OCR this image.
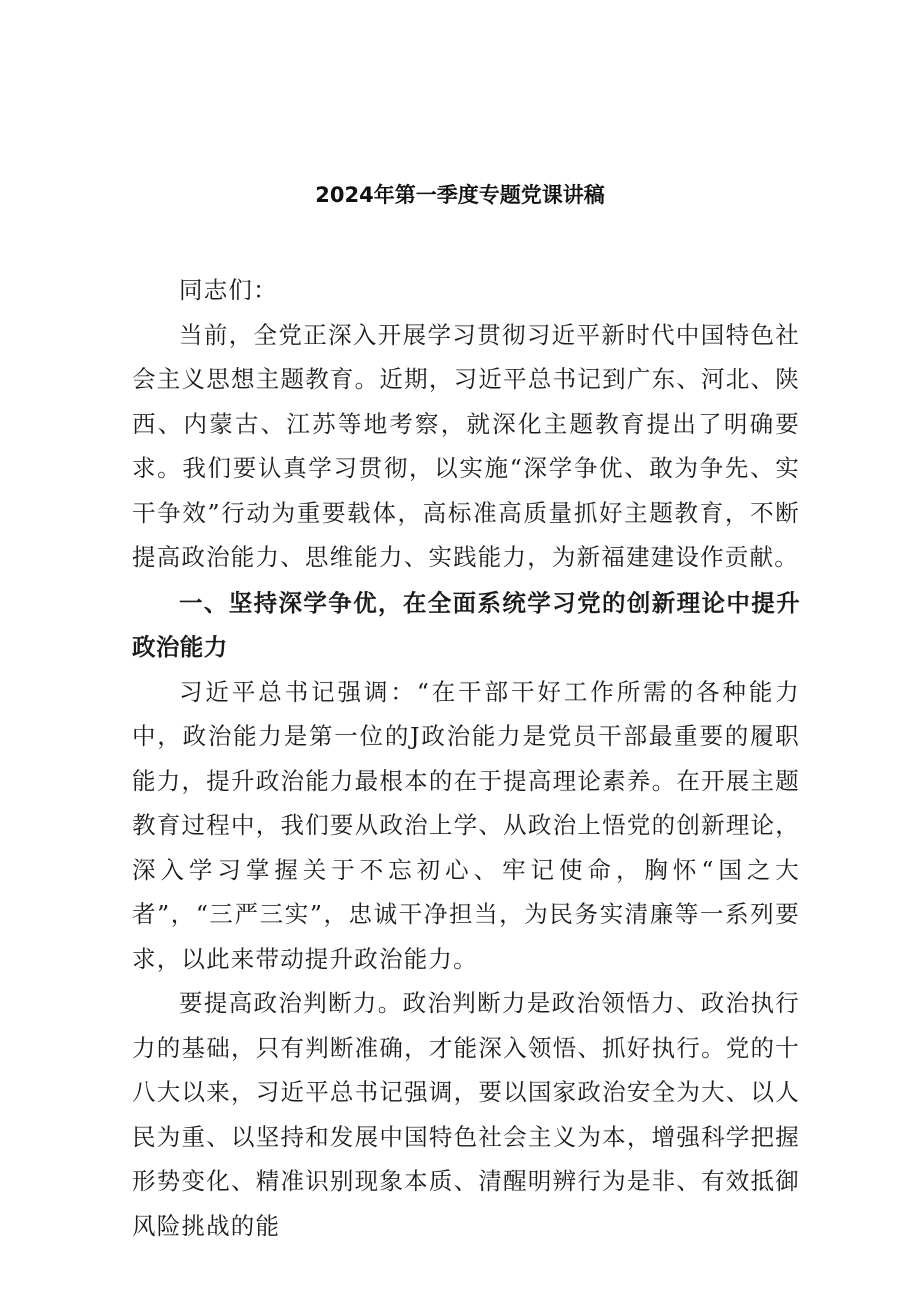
2024年第一季度专题党课讲稿

同志们：

当前，全党正深入开展学习贯彻习近平新时代中国特色社会主义思想主题教育。近期，习近平总书记到广东、河北、陕西、内蒙古、江苏等地考察，就深化主题教育提出了明确要求。我们要认真学习贯彻，以实施“深学争优、敢为争先、实干争效”行动为重要载体，高标准高质量抓好主题教育，不断提高政治能力、思维能力、实践能力，为新福建建设作贡献。

一、坚持深学争优，在全面系统学习党的创新理论中提升政治能力

习近平总书记强调：“在干部干好工作所需的各种能力中，政治能力是第一位的J政治能力是党员干部最重要的履职能力，提升政治能力最根本的在于提高理论素养。在开展主题教育过程中，我们要从政治上学、从政治上悟党的创新理论，深入学习掌握关于不忘初心、牢记使命，胸怀“国之大者”，“三严三实”，忠诚干净担当，为民务实清廉等一系列要求，以此来带动提升政治能力。

要提高政治判断力。政治判断力是政治领悟力、政治执行力的基础，只有判断准确，才能深入领悟、抓好执行。党的十八大以来，习近平总书记强调，要以国家政治安全为大、以人民为重、以坚持和发展中国特色社会主义为本，增强科学把握形势变化、精准识别现象本质、清醒明辨行为是非、有效抵御风险挑战的能
